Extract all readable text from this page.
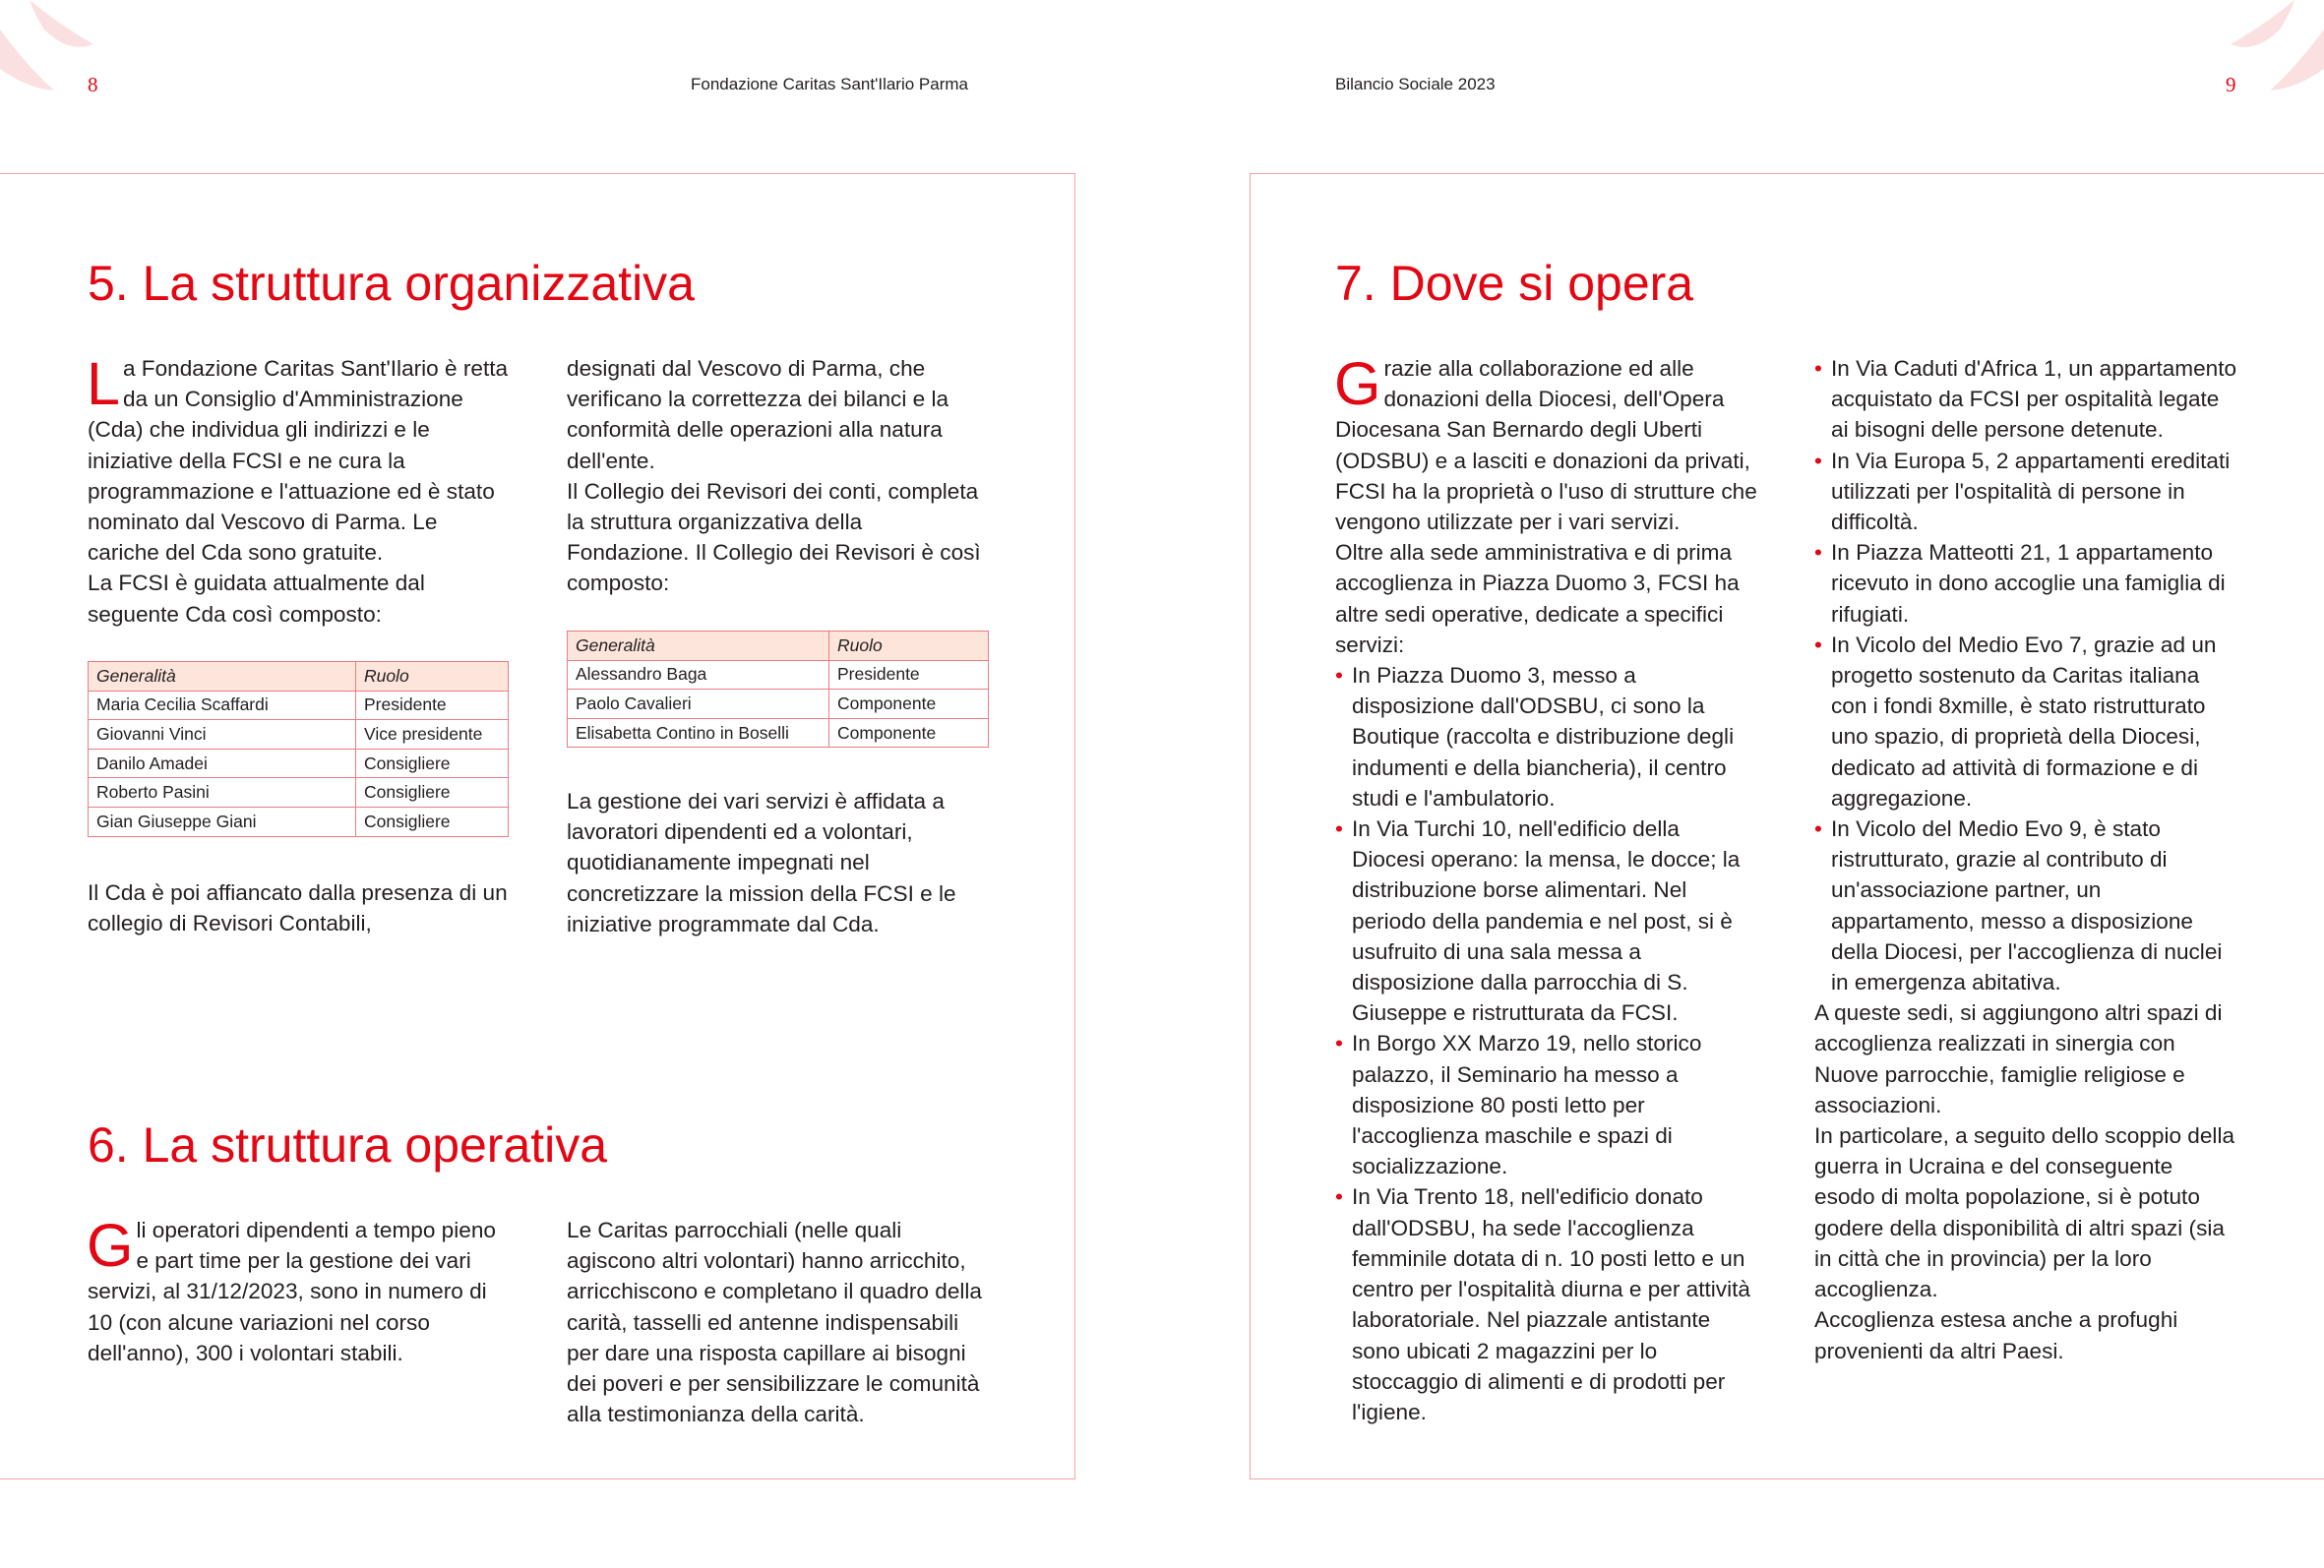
8	Fondazione Caritas Sant'Ilario Parma	Bilancio Sociale 2023	9
5. La struttura organizzativa

La Fondazione Caritas Sant'Ilario è retta da un Consiglio d'Amministrazione (Cda) che individua gli indirizzi e le iniziative della FCSI e ne cura la programmazione e l'attuazione ed è stato nominato dal Vescovo di Parma. Le cariche del Cda sono gratuite.

La FCSI è guidata attualmente dal seguente Cda così composto:

Generalità	Ruolo
Maria Cecilia Scaffardi	Presidente
Giovanni Vinci	Vice presidente
Danilo Amadei	Consigliere
Roberto Pasini	Consigliere
Gian Giuseppe Giani	Consigliere

Il Cda è poi affiancato dalla presenza di un collegio di Revisori Contabili,

designati dal Vescovo di Parma, che verificano la correttezza dei bilanci e la conformità delle operazioni alla natura dell'ente.

Il Collegio dei Revisori dei conti, completa la struttura organizzativa della Fondazione. Il Collegio dei Revisori è così composto:

Generalità	Ruolo
Alessandro Baga	Presidente
Paolo Cavalieri	Componente
Elisabetta Contino in Boselli	Componente

La gestione dei vari servizi è affidata a lavoratori dipendenti ed a volontari, quotidianamente impegnati nel concretizzare la mission della FCSI e le iniziative programmate dal Cda.

6. La struttura operativa

Gli operatori dipendenti a tempo pieno e part time per la gestione dei vari servizi, al 31/12/2023, sono in numero di 10 (con alcune variazioni nel corso dell'anno), 300 i volontari stabili.

Le Caritas parrocchiali (nelle quali agiscono altri volontari) hanno arricchito, arricchiscono e completano il quadro della carità, tasselli ed antenne indispensabili per dare una risposta capillare ai bisogni dei poveri e per sensibilizzare le comunità alla testimonianza della carità.

7. Dove si opera

Grazie alla collaborazione ed alle donazioni della Diocesi, dell'Opera Diocesana San Bernardo degli Uberti (ODSBU) e a lasciti e donazioni da privati, FCSI ha la proprietà o l'uso di strutture che vengono utilizzate per i vari servizi.

Oltre alla sede amministrativa e di prima accoglienza in Piazza Duomo 3, FCSI ha altre sedi operative, dedicate a specifici servizi:

• In Piazza Duomo 3, messo a disposizione dall'ODSBU, ci sono la Boutique (raccolta e distribuzione degli indumenti e della biancheria), il centro studi e l'ambulatorio.
• In Via Turchi 10, nell'edificio della Diocesi operano: la mensa, le docce; la distribuzione borse alimentari. Nel periodo della pandemia e nel post, si è usufruito di una sala messa a disposizione dalla parrocchia di S. Giuseppe e ristrutturata da FCSI.
• In Borgo XX Marzo 19, nello storico palazzo, il Seminario ha messo a disposizione 80 posti letto per l'accoglienza maschile e spazi di socializzazione.
• In Via Trento 18, nell'edificio donato dall'ODSBU, ha sede l'accoglienza femminile dotata di n. 10 posti letto e un centro per l'ospitalità diurna e per attività laboratoriale. Nel piazzale antistante sono ubicati 2 magazzini per lo stoccaggio di alimenti e di prodotti per l'igiene.
• In Via Caduti d'Africa 1, un appartamento acquistato da FCSI per ospitalità legate ai bisogni delle persone detenute.
• In Via Europa 5, 2 appartamenti ereditati utilizzati per l'ospitalità di persone in difficoltà.
• In Piazza Matteotti 21, 1 appartamento ricevuto in dono accoglie una famiglia di rifugiati.
• In Vicolo del Medio Evo 7, grazie ad un progetto sostenuto da Caritas italiana con i fondi 8xmille, è stato ristrutturato uno spazio, di proprietà della Diocesi, dedicato ad attività di formazione e di aggregazione.
• In Vicolo del Medio Evo 9, è stato ristrutturato, grazie al contributo di un'associazione partner, un appartamento, messo a disposizione della Diocesi, per l'accoglienza di nuclei in emergenza abitativa.

A queste sedi, si aggiungono altri spazi di accoglienza realizzati in sinergia con Nuove parrocchie, famiglie religiose e associazioni.

In particolare, a seguito dello scoppio della guerra in Ucraina e del conseguente esodo di molta popolazione, si è potuto godere della disponibilità di altri spazi (sia in città che in provincia) per la loro accoglienza.

Accoglienza estesa anche a profughi provenienti da altri Paesi.
